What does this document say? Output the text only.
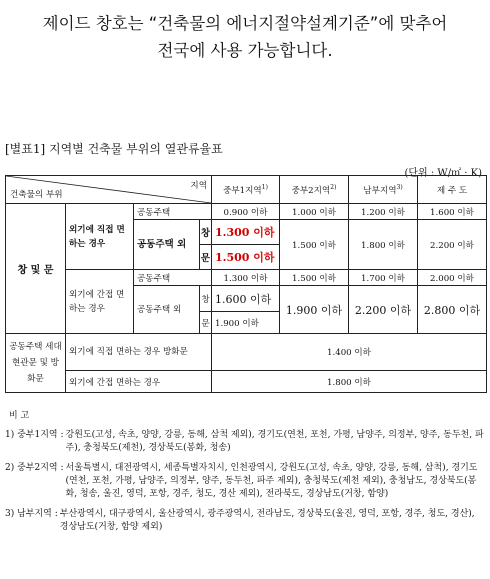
제이드 창호는 “건축물의 에너지절약설계기준”에 맞추어
전국에 사용 가능합니다.
[별표1] 지역별 건축물 부위의 열관류율표
(단위 : W/㎡ · K)
지역
건축물의 부위				중부1지역$^{1)}$	중부2지역$^{2)}$	남부지역$^{3)}$	제 주 도
창 및 문	외기에 직접 면하는 경우	공동주택		0.900 이하	1.000 이하	1.200 이하	1.600 이하
		공동주택 외	창	1.300 이하	1.500 이하	1.800 이하	2.200 이하
			문	1.500 이하			
	외기에 간접 면하는 경우	공동주택		1.300 이하	1.500 이하	1.700 이하	2.000 이하
		공동주택 외	창	1.600 이하	1.900 이하	2.200 이하	2.800 이하
			문	1.900 이하			
공동주택 세대현관문 및 방화문	외기에 직접 면하는 경우 방화문			1.400 이하			
	외기에 간접 면하는 경우			1.800 이하			
비 고
1) 중부1지역 : 강원도(고성, 속초, 양양, 강릉, 동해, 삼척 제외), 경기도(연천, 포천, 가평, 남양주, 의정부, 양주, 동두천, 파주), 충청북도(제천), 경상북도(봉화, 청송)
2) 중부2지역 : 서울특별시, 대전광역시, 세종특별자치시, 인천광역시, 강원도(고성, 속초, 양양, 강릉, 동해, 삼척), 경기도(연천, 포천, 가평, 남양주, 의정부, 양주, 동두천, 파주 제외), 충청북도(제천 제외), 충청남도, 경상북도(봉화, 청송, 울진, 영덕, 포항, 경주, 청도, 경산 제외), 전라북도, 경상남도(거창, 함양)
3) 남부지역 : 부산광역시, 대구광역시, 울산광역시, 광주광역시, 전라남도, 경상북도(울진, 영덕, 포항, 경주, 청도, 경산), 경상남도(거창, 함양 제외)
